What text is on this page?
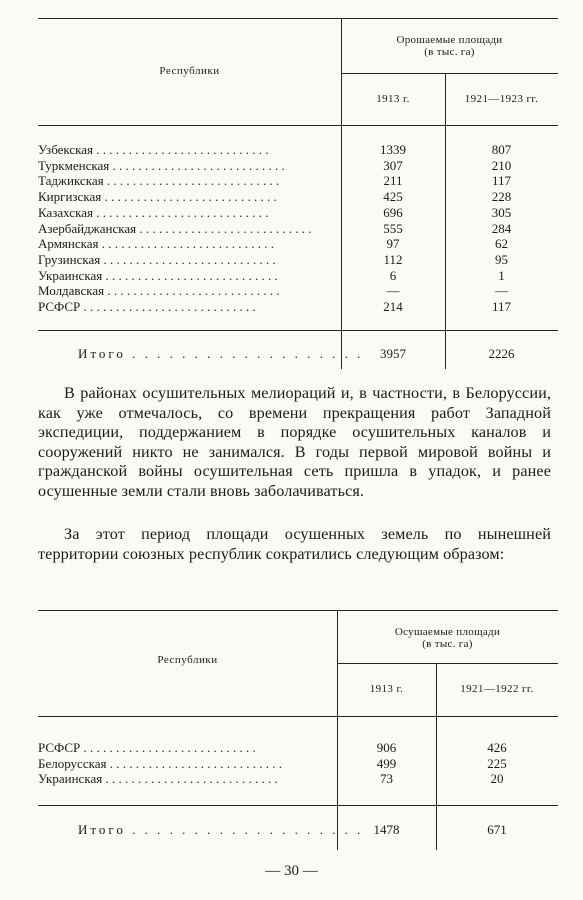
Республики
Орошаемые площади
(в тыс. га)
1913 г.	1921—1923 гг.
Узбекская . . . . . . . . . . . . . . . . . . . . . . . . . . .	1339	807
Туркменская . . . . . . . . . . . . . . . . . . . . . . . . . . .	307	210
Таджикская . . . . . . . . . . . . . . . . . . . . . . . . . . .	211	117
Киргизская . . . . . . . . . . . . . . . . . . . . . . . . . . .	425	228
Казахская . . . . . . . . . . . . . . . . . . . . . . . . . . .	696	305
Азербайджанская . . . . . . . . . . . . . . . . . . . . . . . . . . .	555	284
Армянская . . . . . . . . . . . . . . . . . . . . . . . . . . .	97	62
Грузинская . . . . . . . . . . . . . . . . . . . . . . . . . . .	112	95
Украинская . . . . . . . . . . . . . . . . . . . . . . . . . . .	6	1
Молдавская . . . . . . . . . . . . . . . . . . . . . . . . . . .	—	—
РСФСР . . . . . . . . . . . . . . . . . . . . . . . . . . .	214	117
Итого . . . . . . . . . . . . . . . . . . .	3957	2226
В районах осушительных мелиораций и, в частности, в Белоруссии, как уже отмечалось, со времени прекращения работ Западной экспедиции, поддержанием в порядке осушительных каналов и сооружений никто не занимался. В годы первой мировой войны и гражданской войны осушительная сеть пришла в упадок, и ранее осушенные земли стали вновь заболачиваться.
За этот период площади осушенных земель по нынешней территории союзных республик сократились следующим образом:
Республики
Осушаемые площади
(в тыс. га)
1913 г.	1921—1922 гг.
РСФСР . . . . . . . . . . . . . . . . . . . . . . . . . . .	906	426
Белорусская . . . . . . . . . . . . . . . . . . . . . . . . . . .	499	225
Украинская . . . . . . . . . . . . . . . . . . . . . . . . . . .	73	20
Итого . . . . . . . . . . . . . . . . . . . 1478	671
— 30 —
